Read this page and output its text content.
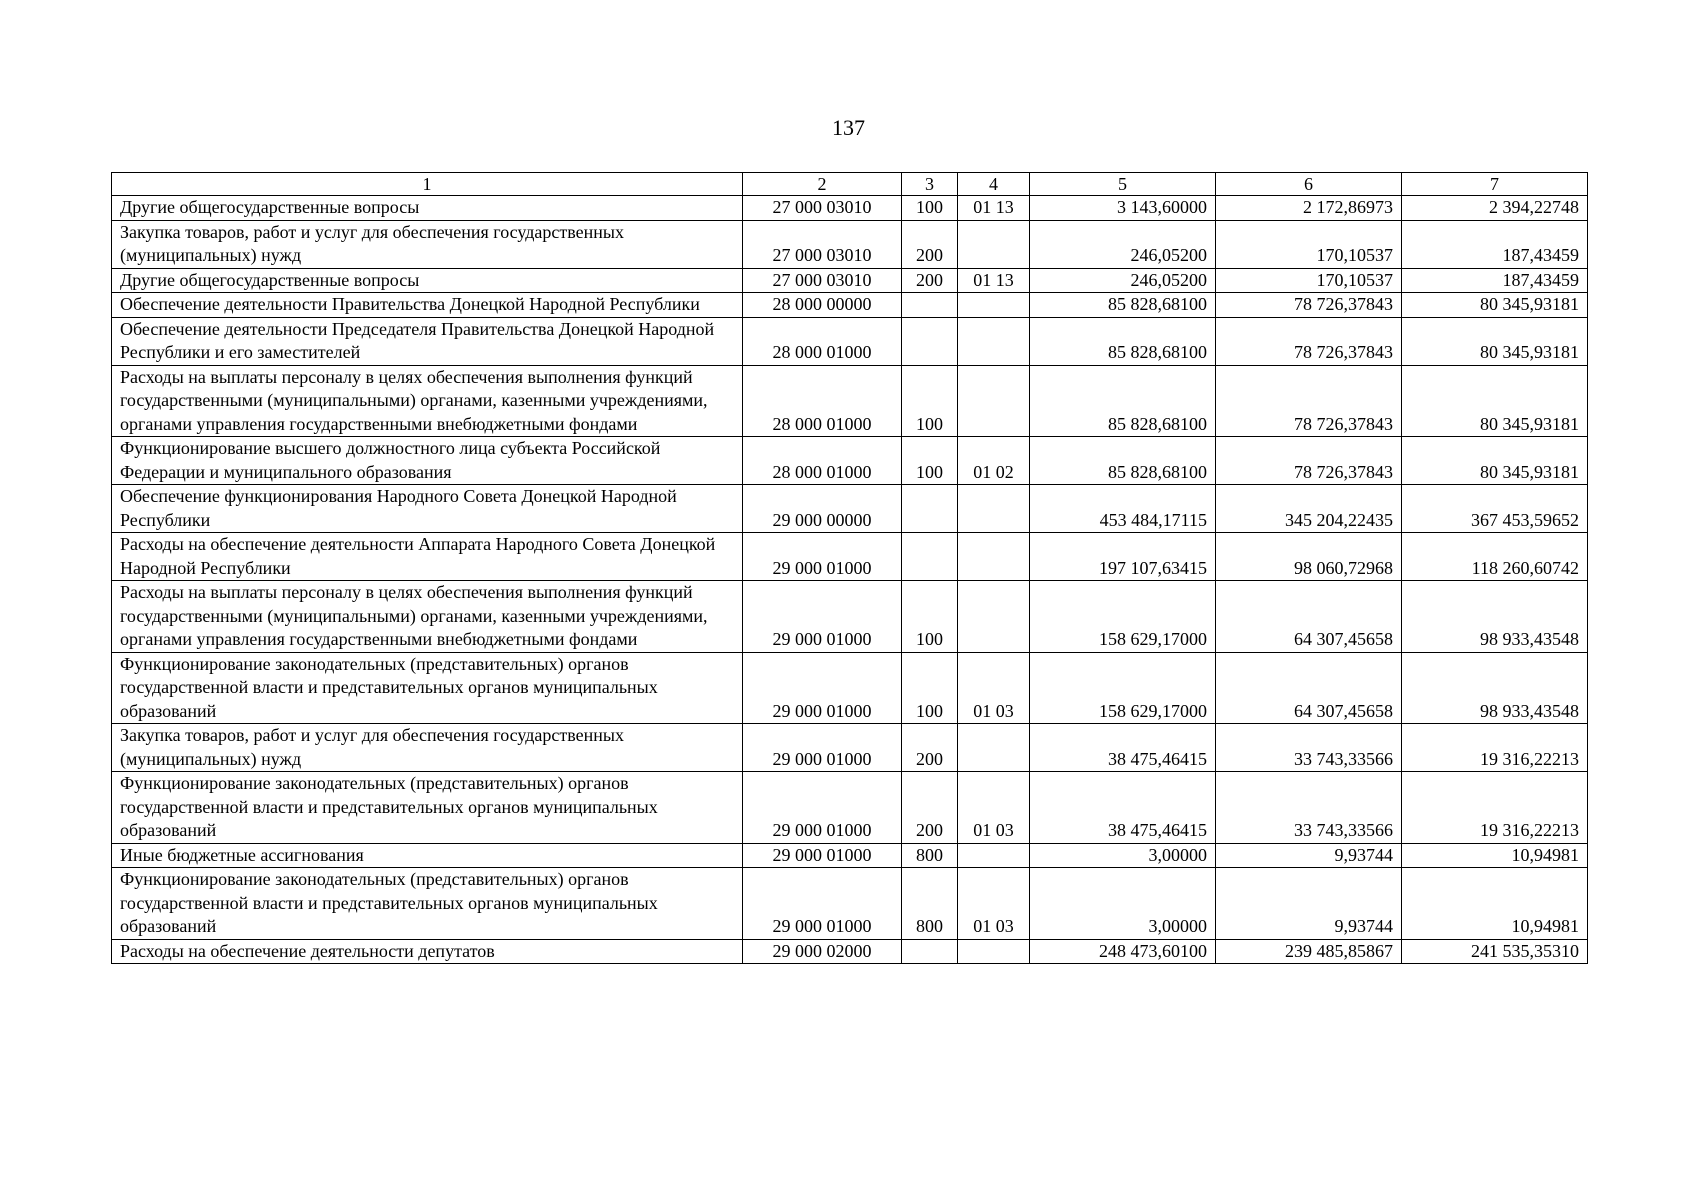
137
1	2	3	4	5	6	7
Другие общегосударственные вопросы	27 000 03010	100	01 13	3 143,60000	2 172,86973	2 394,22748
Закупка товаров, работ и услуг для обеспечения государственных (муниципальных) нужд	27 000 03010	200		246,05200	170,10537	187,43459
Другие общегосударственные вопросы	27 000 03010	200	01 13	246,05200	170,10537	187,43459
Обеспечение деятельности Правительства Донецкой Народной Республики	28 000 00000			85 828,68100	78 726,37843	80 345,93181
Обеспечение деятельности Председателя Правительства Донецкой Народной Республики и его заместителей	28 000 01000			85 828,68100	78 726,37843	80 345,93181
Расходы на выплаты персоналу в целях обеспечения выполнения функций государственными (муниципальными) органами, казенными учреждениями, органами управления государственными внебюджетными фондами	28 000 01000	100		85 828,68100	78 726,37843	80 345,93181
Функционирование высшего должностного лица субъекта Российской Федерации и муниципального образования	28 000 01000	100	01 02	85 828,68100	78 726,37843	80 345,93181
Обеспечение функционирования Народного Совета Донецкой Народной Республики	29 000 00000			453 484,17115	345 204,22435	367 453,59652
Расходы на обеспечение деятельности Аппарата Народного Совета Донецкой Народной Республики	29 000 01000			197 107,63415	98 060,72968	118 260,60742
Расходы на выплаты персоналу в целях обеспечения выполнения функций государственными (муниципальными) органами, казенными учреждениями, органами управления государственными внебюджетными фондами	29 000 01000	100		158 629,17000	64 307,45658	98 933,43548
Функционирование законодательных (представительных) органов государственной власти и представительных органов муниципальных образований	29 000 01000	100	01 03	158 629,17000	64 307,45658	98 933,43548
Закупка товаров, работ и услуг для обеспечения государственных (муниципальных) нужд	29 000 01000	200		38 475,46415	33 743,33566	19 316,22213
Функционирование законодательных (представительных) органов государственной власти и представительных органов муниципальных образований	29 000 01000	200	01 03	38 475,46415	33 743,33566	19 316,22213
Иные бюджетные ассигнования	29 000 01000	800		3,00000	9,93744	10,94981
Функционирование законодательных (представительных) органов государственной власти и представительных органов муниципальных образований	29 000 01000	800	01 03	3,00000	9,93744	10,94981
Расходы на обеспечение деятельности депутатов	29 000 02000			248 473,60100	239 485,85867	241 535,35310
